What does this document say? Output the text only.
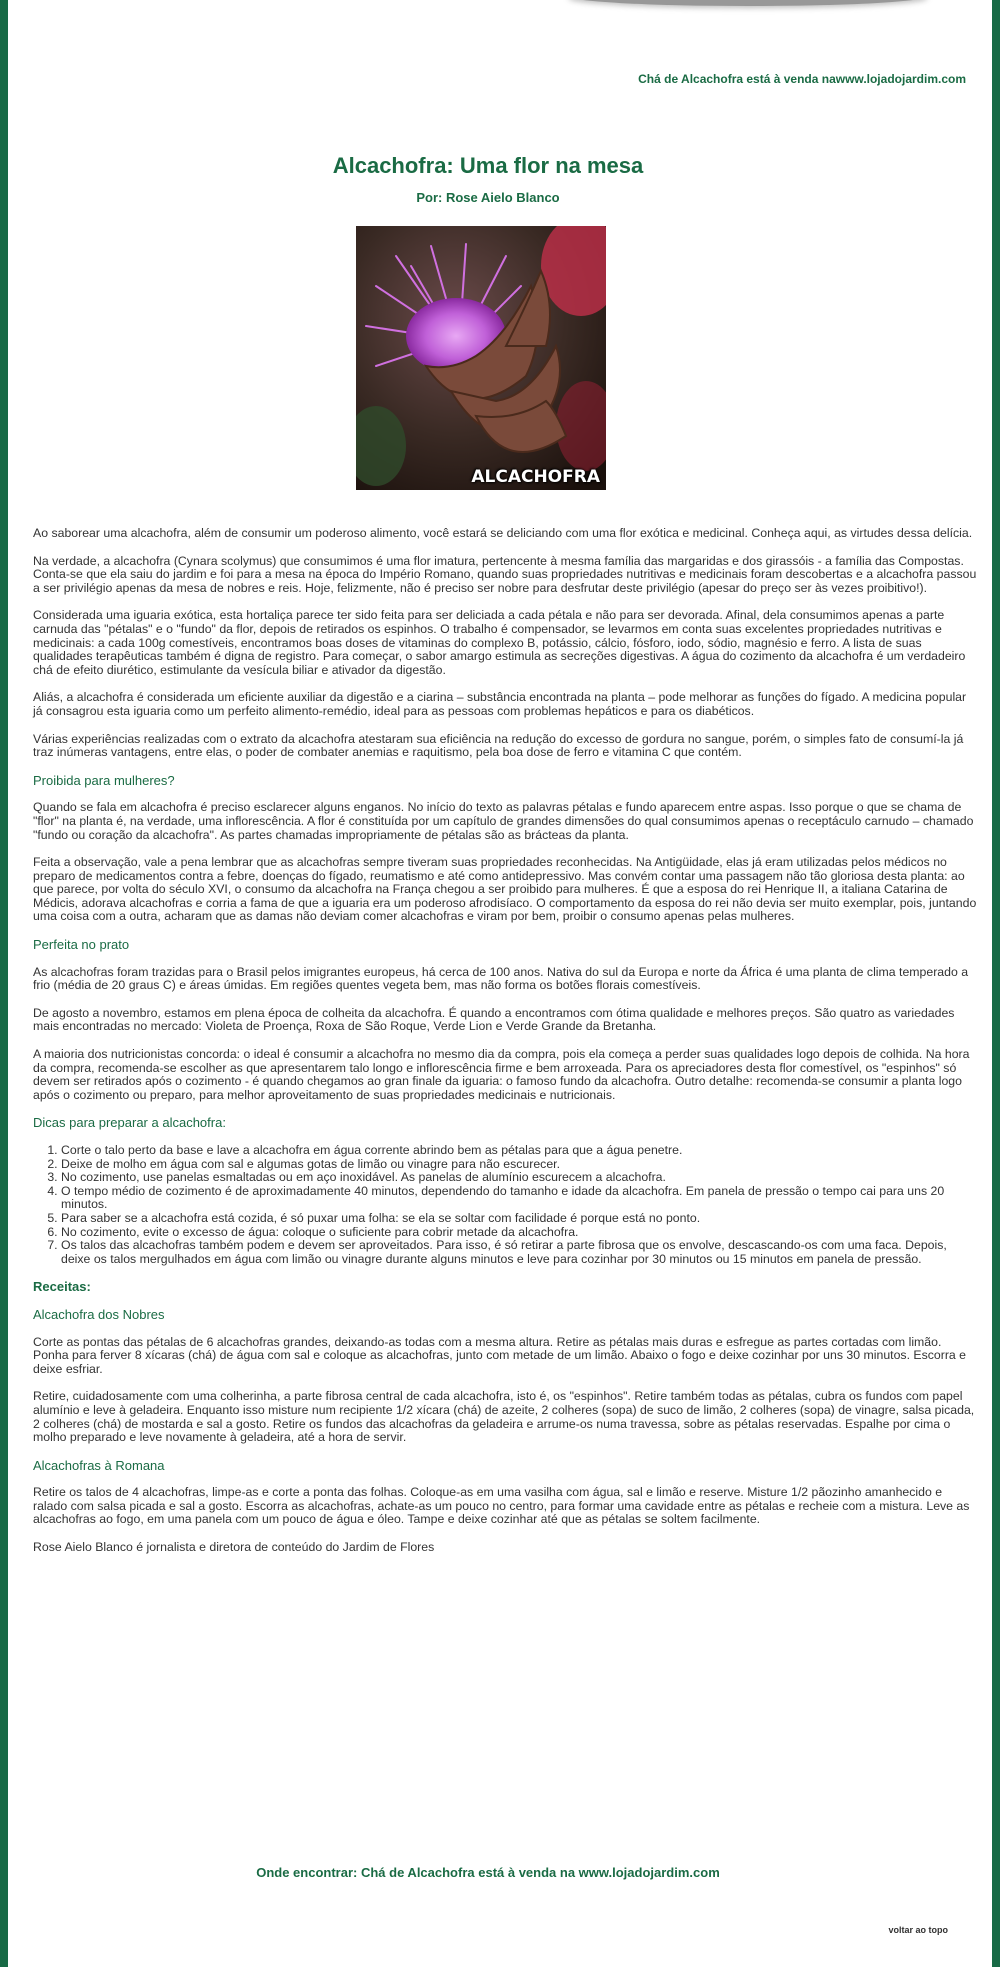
Chá de Alcachofra está à venda nawww.lojadojardim.com
Alcachofra: Uma flor na mesa
Por: Rose Aielo Blanco
ALCACHOFRA

Ao saborear uma alcachofra, além de consumir um poderoso alimento, você estará se deliciando com uma flor exótica e medicinal. Conheça aqui, as virtudes dessa delícia.

Na verdade, a alcachofra (Cynara scolymus) que consumimos é uma flor imatura, pertencente à mesma família das margaridas e dos girassóis - a família das Compostas. Conta-se que ela saiu do jardim e foi para a mesa na época do Império Romano, quando suas propriedades nutritivas e medicinais foram descobertas e a alcachofra passou a ser privilégio apenas da mesa de nobres e reis. Hoje, felizmente, não é preciso ser nobre para desfrutar deste privilégio (apesar do preço ser às vezes proibitivo!).

Considerada uma iguaria exótica, esta hortaliça parece ter sido feita para ser deliciada a cada pétala e não para ser devorada. Afinal, dela consumimos apenas a parte carnuda das "pétalas" e o "fundo" da flor, depois de retirados os espinhos. O trabalho é compensador, se levarmos em conta suas excelentes propriedades nutritivas e medicinais: a cada 100g comestíveis, encontramos boas doses de vitaminas do complexo B, potássio, cálcio, fósforo, iodo, sódio, magnésio e ferro. A lista de suas qualidades terapêuticas também é digna de registro. Para começar, o sabor amargo estimula as secreções digestivas. A água do cozimento da alcachofra é um verdadeiro chá de efeito diurético, estimulante da vesícula biliar e ativador da digestão.

Aliás, a alcachofra é considerada um eficiente auxiliar da digestão e a ciarina – substância encontrada na planta – pode melhorar as funções do fígado. A medicina popular já consagrou esta iguaria como um perfeito alimento-remédio, ideal para as pessoas com problemas hepáticos e para os diabéticos.

Várias experiências realizadas com o extrato da alcachofra atestaram sua eficiência na redução do excesso de gordura no sangue, porém, o simples fato de consumí-la já traz inúmeras vantagens, entre elas, o poder de combater anemias e raquitismo, pela boa dose de ferro e vitamina C que contém.

Proibida para mulheres?

Quando se fala em alcachofra é preciso esclarecer alguns enganos. No início do texto as palavras pétalas e fundo aparecem entre aspas. Isso porque o que se chama de "flor" na planta é, na verdade, uma inflorescência. A flor é constituída por um capítulo de grandes dimensões do qual consumimos apenas o receptáculo carnudo – chamado "fundo ou coração da alcachofra". As partes chamadas impropriamente de pétalas são as brácteas da planta.

Feita a observação, vale a pena lembrar que as alcachofras sempre tiveram suas propriedades reconhecidas. Na Antigüidade, elas já eram utilizadas pelos médicos no preparo de medicamentos contra a febre, doenças do fígado, reumatismo e até como antidepressivo. Mas convém contar uma passagem não tão gloriosa desta planta: ao que parece, por volta do século XVI, o consumo da alcachofra na França chegou a ser proibido para mulheres. É que a esposa do rei Henrique II, a italiana Catarina de Médicis, adorava alcachofras e corria a fama de que a iguaria era um poderoso afrodisíaco. O comportamento da esposa do rei não devia ser muito exemplar, pois, juntando uma coisa com a outra, acharam que as damas não deviam comer alcachofras e viram por bem, proibir o consumo apenas pelas mulheres.

Perfeita no prato

As alcachofras foram trazidas para o Brasil pelos imigrantes europeus, há cerca de 100 anos. Nativa do sul da Europa e norte da África é uma planta de clima temperado a frio (média de 20 graus C) e áreas úmidas. Em regiões quentes vegeta bem, mas não forma os botões florais comestíveis.

De agosto a novembro, estamos em plena época de colheita da alcachofra. É quando a encontramos com ótima qualidade e melhores preços. São quatro as variedades mais encontradas no mercado: Violeta de Proença, Roxa de São Roque, Verde Lion e Verde Grande da Bretanha.

A maioria dos nutricionistas concorda: o ideal é consumir a alcachofra no mesmo dia da compra, pois ela começa a perder suas qualidades logo depois de colhida. Na hora da compra, recomenda-se escolher as que apresentarem talo longo e inflorescência firme e bem arroxeada. Para os apreciadores desta flor comestível, os "espinhos" só devem ser retirados após o cozimento - é quando chegamos ao gran finale da iguaria: o famoso fundo da alcachofra. Outro detalhe: recomenda-se consumir a planta logo após o cozimento ou preparo, para melhor aproveitamento de suas propriedades medicinais e nutricionais.

Dicas para preparar a alcachofra:
1. Corte o talo perto da base e lave a alcachofra em água corrente abrindo bem as pétalas para que a água penetre.
2. Deixe de molho em água com sal e algumas gotas de limão ou vinagre para não escurecer.
3. No cozimento, use panelas esmaltadas ou em aço inoxidável. As panelas de alumínio escurecem a alcachofra.
4. O tempo médio de cozimento é de aproximadamente 40 minutos, dependendo do tamanho e idade da alcachofra. Em panela de pressão o tempo cai para uns 20 minutos.
5. Para saber se a alcachofra está cozida, é só puxar uma folha: se ela se soltar com facilidade é porque está no ponto.
6. No cozimento, evite o excesso de água: coloque o suficiente para cobrir metade da alcachofra.
7. Os talos das alcachofras também podem e devem ser aproveitados. Para isso, é só retirar a parte fibrosa que os envolve, descascando-os com uma faca. Depois, deixe os talos mergulhados em água com limão ou vinagre durante alguns minutos e leve para cozinhar por 30 minutos ou 15 minutos em panela de pressão.
Receitas:
Alcachofra dos Nobres

Corte as pontas das pétalas de 6 alcachofras grandes, deixando-as todas com a mesma altura. Retire as pétalas mais duras e esfregue as partes cortadas com limão. Ponha para ferver 8 xícaras (chá) de água com sal e coloque as alcachofras, junto com metade de um limão. Abaixo o fogo e deixe cozinhar por uns 30 minutos. Escorra e deixe esfriar.

Retire, cuidadosamente com uma colherinha, a parte fibrosa central de cada alcachofra, isto é, os "espinhos". Retire também todas as pétalas, cubra os fundos com papel alumínio e leve à geladeira. Enquanto isso misture num recipiente 1/2 xícara (chá) de azeite, 2 colheres (sopa) de suco de limão, 2 colheres (sopa) de vinagre, salsa picada, 2 colheres (chá) de mostarda e sal a gosto. Retire os fundos das alcachofras da geladeira e arrume-os numa travessa, sobre as pétalas reservadas. Espalhe por cima o molho preparado e leve novamente à geladeira, até a hora de servir.

Alcachofras à Romana

Retire os talos de 4 alcachofras, limpe-as e corte a ponta das folhas. Coloque-as em uma vasilha com água, sal e limão e reserve. Misture 1/2 pãozinho amanhecido e ralado com salsa picada e sal a gosto. Escorra as alcachofras, achate-as um pouco no centro, para formar uma cavidade entre as pétalas e recheie com a mistura. Leve as alcachofras ao fogo, em uma panela com um pouco de água e óleo. Tampe e deixe cozinhar até que as pétalas se soltem facilmente.

Rose Aielo Blanco é jornalista e diretora de conteúdo do Jardim de Flores

Onde encontrar: Chá de Alcachofra está à venda na www.lojadojardim.com
voltar ao topo
